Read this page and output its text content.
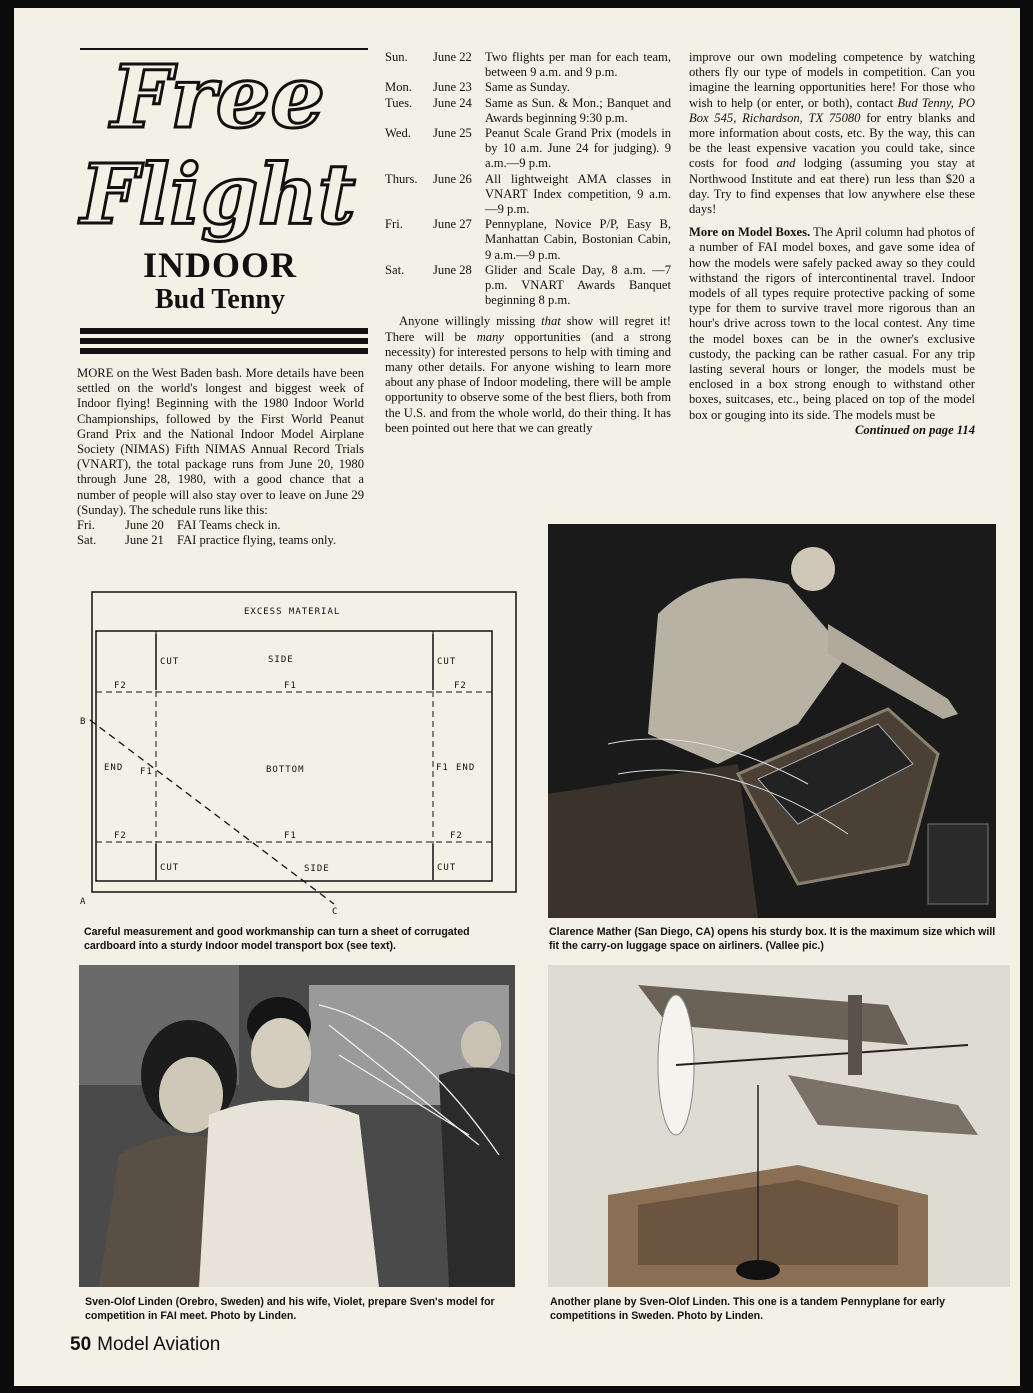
Free
Flight
INDOOR
Bud Tenny

MORE on the West Baden bash. More details have been settled on the world's longest and biggest week of Indoor flying! Beginning with the 1980 Indoor World Championships, followed by the First World Peanut Grand Prix and the National Indoor Model Airplane Society (NIMAS) Fifth NIMAS Annual Record Trials (VNART), the total package runs from June 20, 1980 through June 28, 1980, with a good chance that a number of people will also stay over to leave on June 29 (Sunday). The schedule runs like this:

Fri.	June 20	FAI Teams check in.
Sat.	June 21	FAI practice flying, teams only.
Sun.	June 22	Two flights per man for each team, between 9 a.m. and 9 p.m.
Mon.	June 23	Same as Sunday.
Tues.	June 24	Same as Sun. & Mon.; Banquet and Awards beginning 9:30 p.m.
Wed.	June 25	Peanut Scale Grand Prix (models in by 10 a.m. June 24 for judging). 9 a.m.—9 p.m.
Thurs.	June 26	All lightweight AMA classes in VNART Index competition, 9 a.m.—9 p.m.
Fri.	June 27	Pennyplane, Novice P/P, Easy B, Manhattan Cabin, Bostonian Cabin, 9 a.m.—9 p.m.
Sat.	June 28	Glider and Scale Day, 8 a.m. —7 p.m. VNART Awards Banquet beginning 8 p.m.

Anyone willingly missing that show will regret it! There will be many opportunities (and a strong necessity) for interested persons to help with timing and many other details. For anyone wishing to learn more about any phase of Indoor modeling, there will be ample opportunity to observe some of the best fliers, both from the U.S. and from the whole world, do their thing. It has been pointed out here that we can greatly

improve our own modeling competence by watching others fly our type of models in competition. Can you imagine the learning opportunities here! For those who wish to help (or enter, or both), contact Bud Tenny, PO Box 545, Richardson, TX 75080 for entry blanks and more information about costs, etc. By the way, this can be the least expensive vacation you could take, since costs for food and lodging (assuming you stay at Northwood Institute and eat there) run less than $20 a day. Try to find expenses that low anywhere else these days!

More on Model Boxes. The April column had photos of a number of FAI model boxes, and gave some idea of how the models were safely packed away so they could withstand the rigors of intercontinental travel. Indoor models of all types require protective packing of some type for them to survive travel more rigorous than an hour's drive across town to the local contest. Any time the model boxes can be in the owner's exclusive custody, the packing can be rather casual. For any trip lasting several hours or longer, the models must be enclosed in a box strong enough to withstand other boxes, suitcases, etc., being placed on top of the model box or gouging into its side. The models must be

Continued on page 114

EXCESS MATERIAL
SIDE
SIDE
BOTTOM
END	END
CUT	CUT
CUT	CUT
F1
F1
F1	F1
F2	F2
F2	F2
A
B
C
Careful measurement and good workmanship can turn a sheet of corrugated cardboard into a sturdy Indoor model transport box (see text).
Clarence Mather (San Diego, CA) opens his sturdy box. It is the maximum size which will fit the carry-on luggage space on airliners. (Vallee pic.)
Sven-Olof Linden (Orebro, Sweden) and his wife, Violet, prepare Sven's model for competition in FAI meet. Photo by Linden.
Another plane by Sven-Olof Linden. This one is a tandem Pennyplane for early competitions in Sweden. Photo by Linden.
50 Model Aviation
